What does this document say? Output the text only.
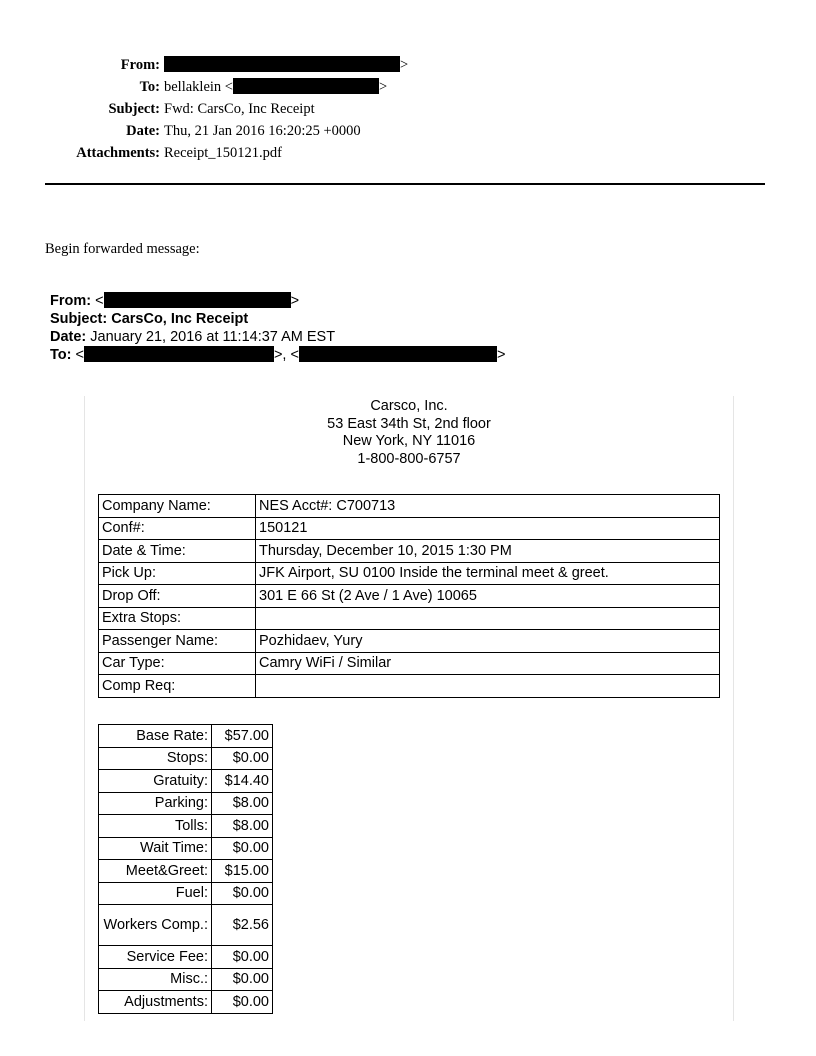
From:	>
To: bellaklein <	>
Subject: Fwd: CarsCo, Inc Receipt
Date: Thu, 21 Jan 2016 16:20:25 +0000
Attachments: Receipt_150121.pdf
Begin forwarded message:
From: <	>
Subject: CarsCo, Inc Receipt
Date: January 21, 2016 at 11:14:37 AM EST
To: <	>, <	>
Carsco, Inc.
53 East 34th St, 2nd floor
New York, NY 11016
1-800-800-6757
Company Name:	NES Acct#: C700713
Conf#:	150121
Date & Time:	Thursday, December 10, 2015 1:30 PM
Pick Up:	JFK Airport, SU 0100 Inside the terminal meet & greet.
Drop Off:	301 E 66 St (2 Ave / 1 Ave) 10065
Extra Stops:	
Passenger Name:	Pozhidaev, Yury
Car Type:	Camry WiFi / Similar
Comp Req:	
Base Rate:	$57.00
Stops:	$0.00
Gratuity:	$14.40
Parking:	$8.00
Tolls:	$8.00
Wait Time:	$0.00
Meet&Greet:	$15.00
Fuel:	$0.00
Workers Comp.:	$2.56
Service Fee:	$0.00
Misc.:	$0.00
Adjustments:	$0.00
